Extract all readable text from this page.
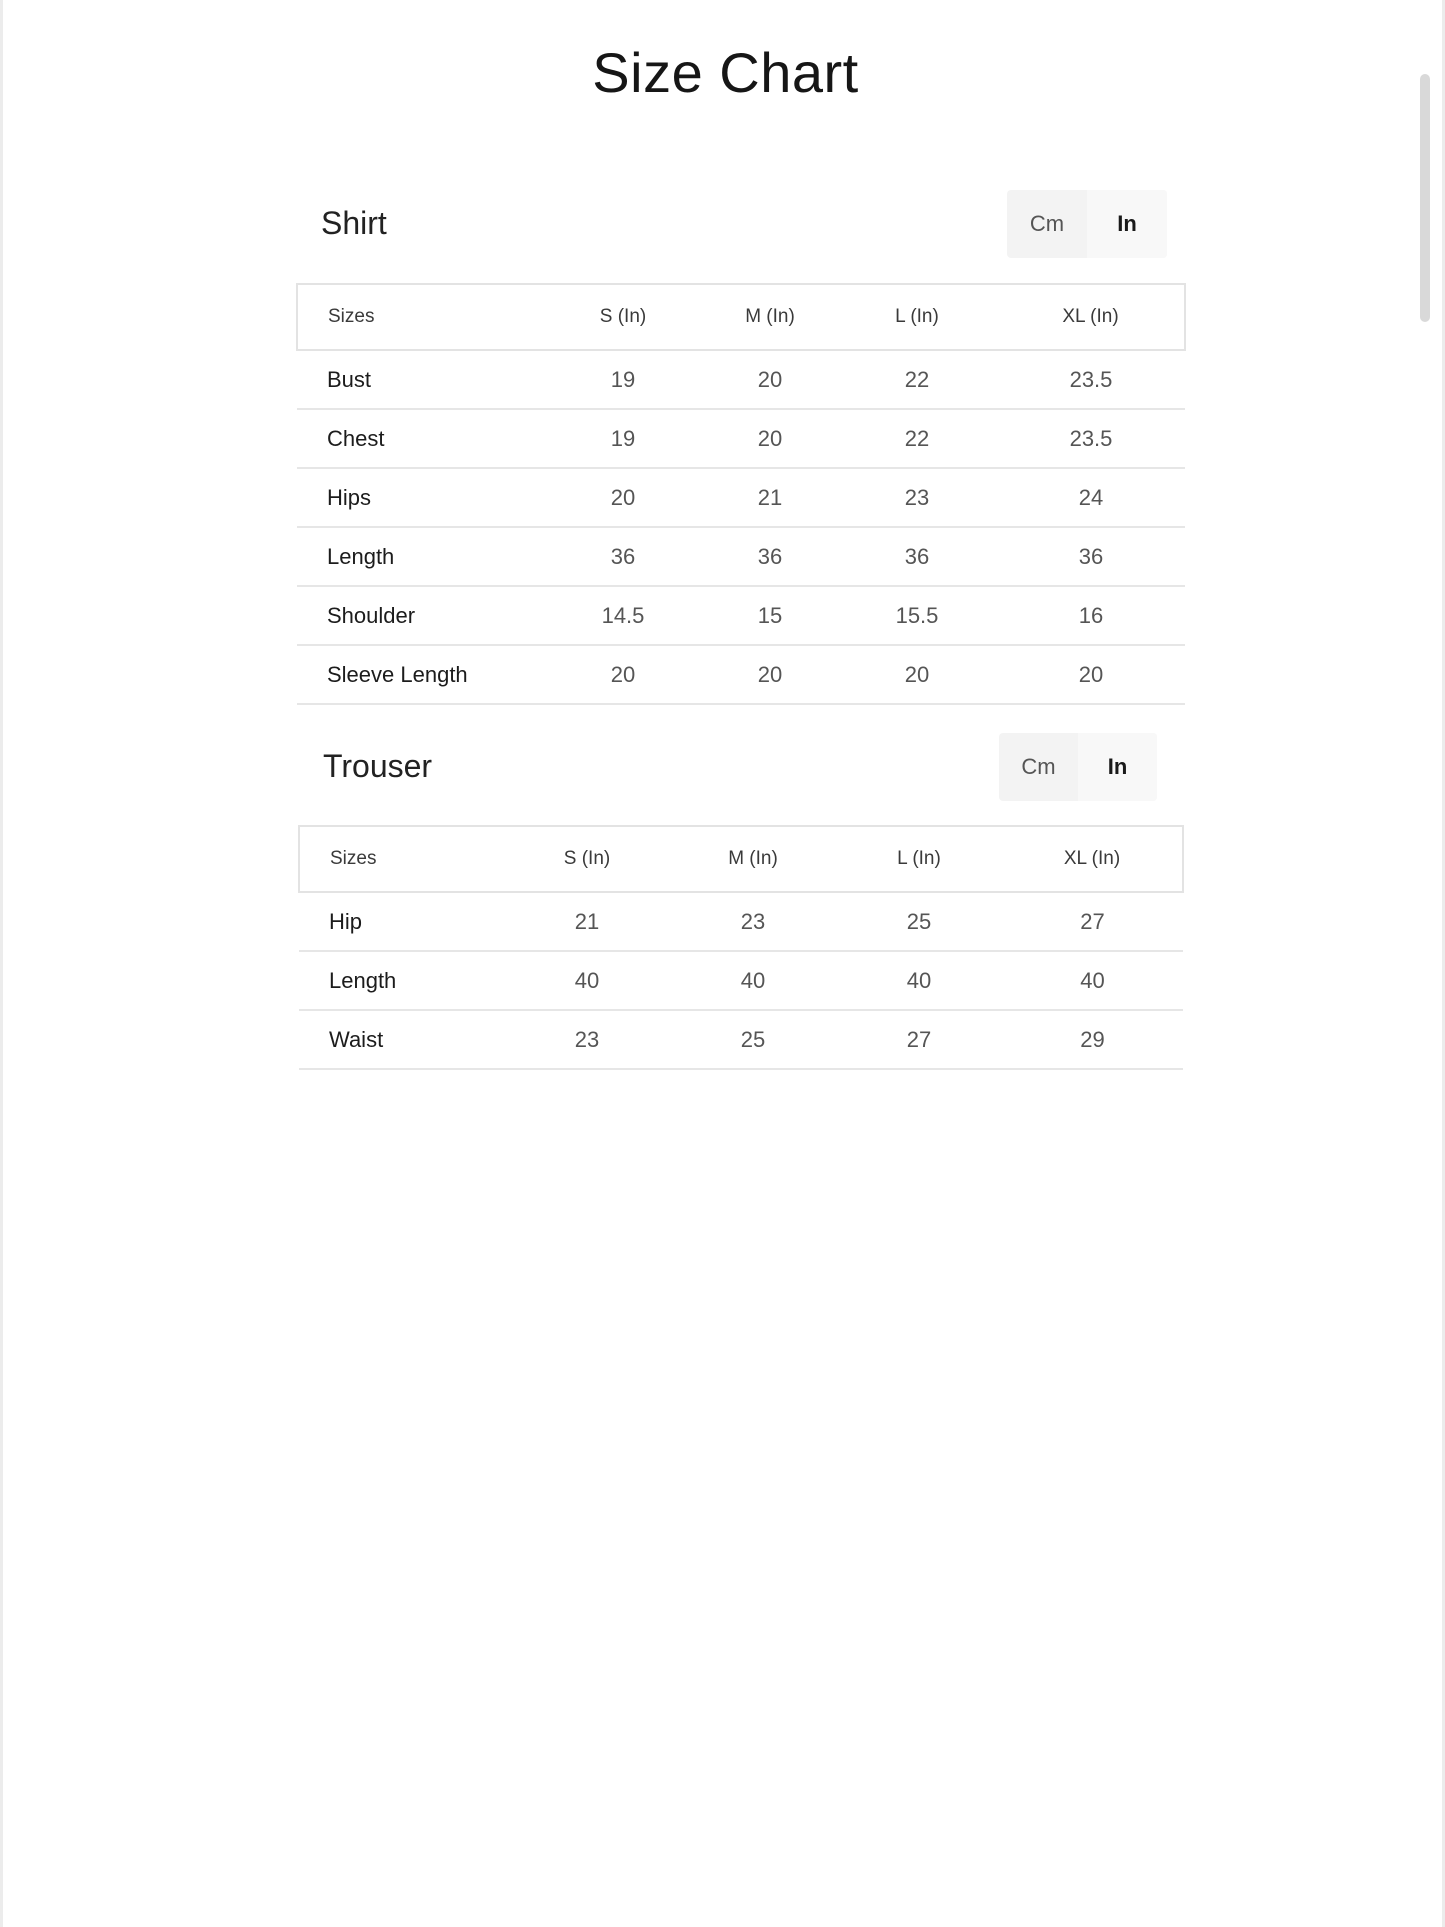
Size Chart
Shirt	Cm	In
Sizes	S (In)	M (In)	L (In)	XL (In)
Bust	19	20	22	23.5
Chest	19	20	22	23.5
Hips	20	21	23	24
Length	36	36	36	36
Shoulder	14.5	15	15.5	16
Sleeve Length	20	20	20	20
Trouser	Cm	In
Sizes	S (In)	M (In)	L (In)	XL (In)
Hip	21	23	25	27
Length	40	40	40	40
Waist	23	25	27	29
